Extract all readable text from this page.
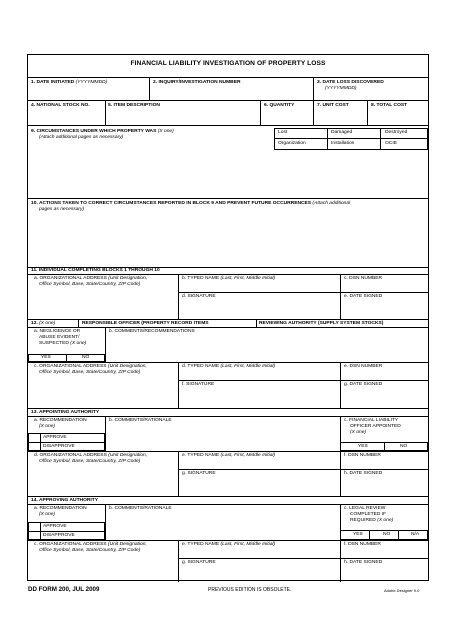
FINANCIAL LIABILITY INVESTIGATION OF PROPERTY LOSS
1. DATE INITIATED (YYYYMMDD)	2. INQUIRY/INVESTIGATION NUMBER	3. DATE LOSS DISCOVERED
(YYYYMMDD)
4. NATIONAL STOCK NO.	5. ITEM DESCRIPTION	6. QUANTITY	7. UNIT COST	8. TOTAL COST
9. CIRCUMSTANCES UNDER WHICH PROPERTY WAS (X one)
(Attach additional pages as necessary)
Lost	Damaged	Destroyed
Organization	Installation	OCIE
10. ACTIONS TAKEN TO CORRECT CIRCUMSTANCES REPORTED IN BLOCK 9 AND PREVENT FUTURE OCCURRENCES (Attach additional
pages as necessary)
11. INDIVIDUAL COMPLETING BLOCKS 1 THROUGH 10
a. ORGANIZATIONAL ADDRESS (Unit Designation,
Office Symbol, Base, State/Country, ZIP Code)
b. TYPED NAME (Last, First, Middle Initial)	c. DSN NUMBER
d. SIGNATURE	e. DATE SIGNED
12. (X one)	RESPONSIBLE OFFICER (PROPERTY RECORD ITEMS	REVIEWING AUTHORITY (SUPPLY SYSTEM STOCKS)
a. NEGLIGENCE OR
ABUSE EVIDENT/
SUSPECTED (X one)
YES	NO
b. COMMENTS/RECOMMENDATIONS
c. ORGANIZATIONAL ADDRESS (Unit Designation,
Office Symbol, Base, State/Country, ZIP Code)
d. TYPED NAME (Last, First, Middle Initial)	e. DSN NUMBER
f. SIGNATURE	g. DATE SIGNED
13. APPOINTING AUTHORITY
a. RECOMMENDATION
(X one)
APPROVE
DISAPPROVE
b. COMMENTS/RATIONALE	c. FINANCIAL LIABILITY
OFFICER APPOINTED
(X one)
YES	NO
d. ORGANIZATIONAL ADDRESS (Unit Designation,
Office Symbol, Base, State/Country, ZIP Code)
e. TYPED NAME (Last, First, Middle Initial)	f. DSN NUMBER
g. SIGNATURE	h. DATE SIGNED
14. APPROVING AUTHORITY
a. RECOMMENDATION
(X one)
APPROVE
DISAPPROVE
b. COMMENTS/RATIONALE	c. LEGAL REVIEW
COMPLETED IF
REQUIRED (X one)
YES	NO	N/A
c. ORGANIZATIONAL ADDRESS (Unit Designation,
Office Symbol, Base, State/Country, ZIP Code)
e. TYPED NAME (Last, First, Middle Initial)	f. DSN NUMBER
g. SIGNATURE	h. DATE SIGNED
DD FORM 200, JUL 2009	PREVIOUS EDITION IS OBSOLETE.	Adobe Designer 9.0
